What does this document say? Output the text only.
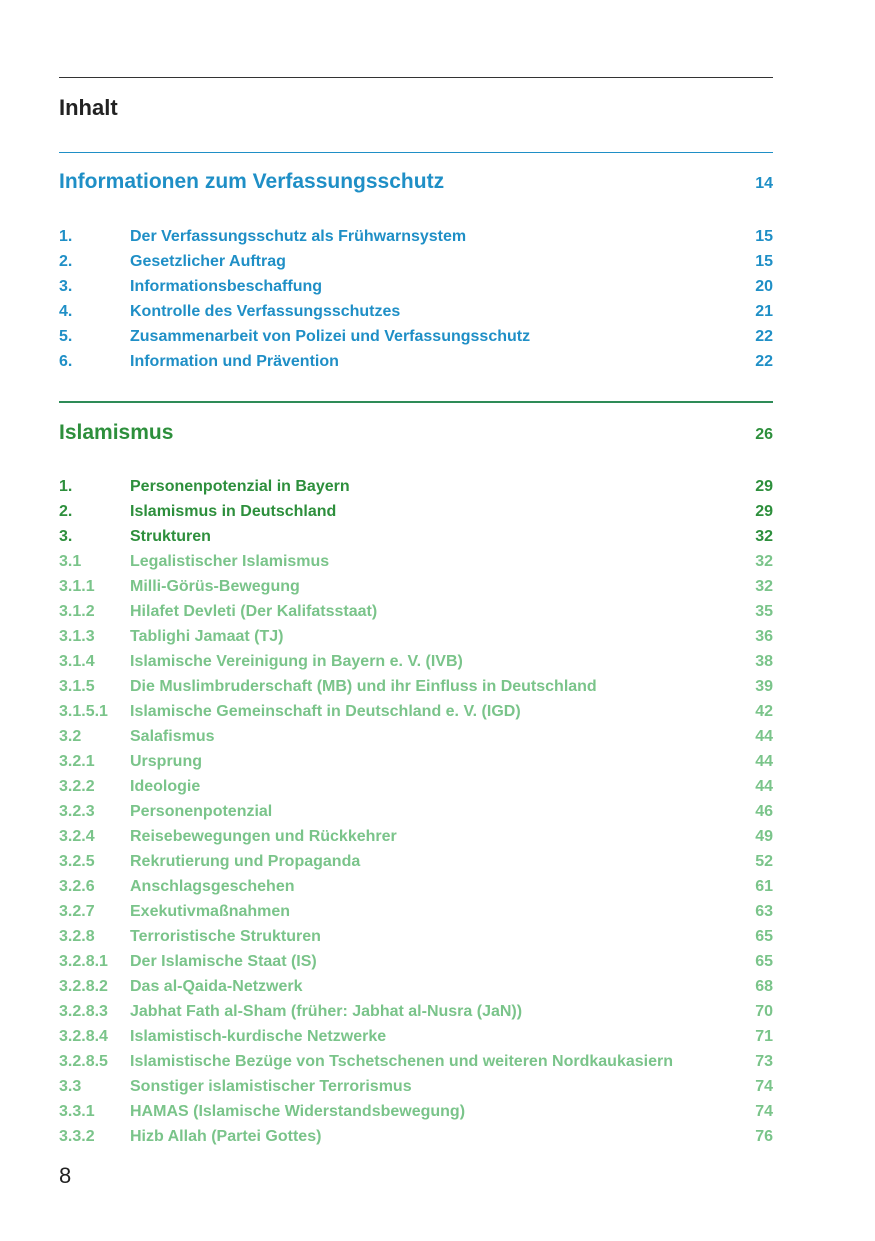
Inhalt
Informationen zum Verfassungsschutz	14
1.	Der Verfassungsschutz als Frühwarnsystem	15
2.	Gesetzlicher Auftrag	15
3.	Informationsbeschaffung	20
4.	Kontrolle des Verfassungsschutzes	21
5.	Zusammenarbeit von Polizei und Verfassungsschutz	22
6.	Information und Prävention	22
Islamismus	26
1.	Personenpotenzial in Bayern	29
2.	Islamismus in Deutschland	29
3.	Strukturen	32
3.1	Legalistischer Islamismus	32
3.1.1	Milli-Görüs-Bewegung	32
3.1.2	Hilafet Devleti (Der Kalifatsstaat)	35
3.1.3	Tablighi Jamaat (TJ)	36
3.1.4	Islamische Vereinigung in Bayern e. V. (IVB)	38
3.1.5	Die Muslimbruderschaft (MB) und ihr Einfluss in Deutschland	39
3.1.5.1	Islamische Gemeinschaft in Deutschland e. V. (IGD)	42
3.2	Salafismus	44
3.2.1	Ursprung	44
3.2.2	Ideologie	44
3.2.3	Personenpotenzial	46
3.2.4	Reisebewegungen und Rückkehrer	49
3.2.5	Rekrutierung und Propaganda	52
3.2.6	Anschlagsgeschehen	61
3.2.7	Exekutivmaßnahmen	63
3.2.8	Terroristische Strukturen	65
3.2.8.1	Der Islamische Staat (IS)	65
3.2.8.2	Das al-Qaida-Netzwerk	68
3.2.8.3	Jabhat Fath al-Sham (früher: Jabhat al-Nusra (JaN))	70
3.2.8.4	Islamistisch-kurdische Netzwerke	71
3.2.8.5	Islamistische Bezüge von Tschetschenen und weiteren Nordkaukasiern	73
3.3	Sonstiger islamistischer Terrorismus	74
3.3.1	HAMAS (Islamische Widerstandsbewegung)	74
3.3.2	Hizb Allah (Partei Gottes)	76
8
